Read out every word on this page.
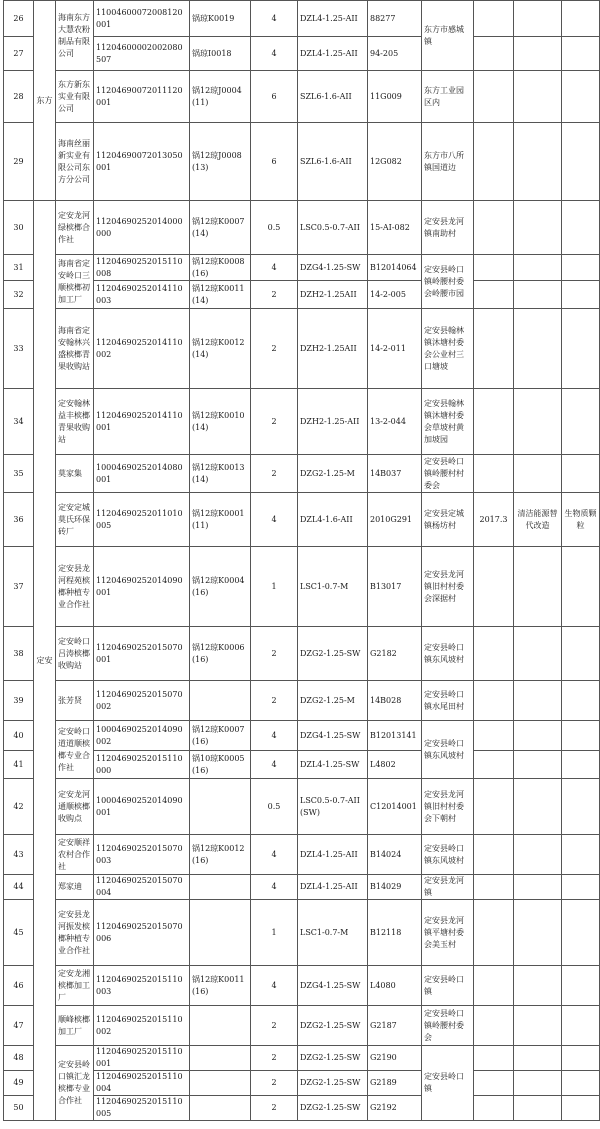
26	东方	海南东方大慧农粉制品有限公司	11004600072008120001	锅琼K0019	4	DZL4-1.25-AII	88277	东方市感城镇			
27			11204600002002080507	锅琼I0018	4	DZL4-1.25-AII	94-205				
28		东方新东实业有限公司	11204690072011120001	锅12琼J0004(11)	6	SZL6-1.6-AII	11G009	东方工业园区内			
29		海南丝丽新实业有限公司东方分公司	11204690072013050001	锅12琼J0008(13)	6	SZL6-1.6-AII	12G082	东方市八所镇国道边			
30	定安	定安龙河绿槟榔合作社	11204690252014000000	锅12琼K0007(14)	0.5	LSC0.5-0.7-AII	15-AI-082	定安县龙河镇南助村			
31		海南省定安岭口三顺槟榔初加工厂	11204690252015110008	锅12琼K0008(16)	4	DZG4-1.25-SW	B12014064	定安县岭口镇岭腰村委会岭腰市园			
32			11204690252014110003	锅12琼K0011(14)	2	DZH2-1.25AII	14-2-005				
33		海南省定安翰林兴盛槟榔青果收购站	11204690252014110002	锅12琼K0012(14)	2	DZH2-1.25AII	14-2-011	定安县翰林镇沐塘村委会公业村三口塘坡			
34		定安翰林益丰槟榔青果收购站	11204690252014110001	锅12琼K0010(14)	2	DZH2-1.25-AII	13-2-044	定安县翰林镇沐塘村委会草坡村黄加坡园			
35		莫家集	10004690252014080001	锅12琼K0013(14)	2	DZG2-1.25-M	14B037	定安县岭口镇岭腰村村委会			
36		定安定城莫氏环保砖厂	11204690252011010005	锅12琼K0001(11)	4	DZL4-1.6-AII	2010G291	定安县定城镇杨坊村	2017.3	清洁能源替代改造	生物质颗粒
37		定安县龙河程苑槟榔种植专业合作社	11204690252014090001	锅12琼K0004(16)	1	LSC1-0.7-M	B13017	定安县龙河镇旧村村委会深据村			
38		定安岭口吕涛槟榔收购站	11204690252015070001	锅12琼K0006(16)	2	DZG2-1.25-SW	G2182	定安县岭口镇东风坡村			
39		张芳贤	11204690252015070002		2	DZG2-1.25-M	14B028	定安县岭口镇水尾田村			
40		定安岭口道道顺槟榔专业合作社	10004690252014090002	锅12琼K0007(16)	4	DZG4-1.25-SW	B12013141	定安县岭口镇东风坡村			
41			11204690252015110000	锅10琼K0005(16)	4	DZL4-1.25-SW	L4802				
42		定安龙河通顺槟榔收购点	10004690252014090001		0.5	LSC0.5-0.7-AII (SW)	C12014001	定安县龙河镇旧村村委会下朝村			
43		定安顺祥农村合作社	11204690252015070003	锅12琼K0012(16)	4	DZL4-1.25-AII	B14024	定安县岭口镇东风坡村			
44		郑家迪	11204690252015070004		4	DZL4-1.25-AII	B14029	定安县龙河镇			
45		定安县龙河振发槟榔种植专业合作社	11204690252015070006		1	LSC1-0.7-M	B12118	定安县龙河镇平塘村委会美玉村			
46		定安龙湘槟榔加工厂	11204690252015110003	锅12琼K0011(16)	4	DZG4-1.25-SW	L4080	定安县岭口镇			
47		顺峰槟榔加工厂	11204690252015110002		2	DZG2-1.25-SW	G2187	定安县岭口镇岭腰村委会			
48		定安县岭口镇汇龙槟榔专业合作社	11204690252015110001		2	DZG2-1.25-SW	G2190	定安县岭口镇			
49			11204690252015110004		2	DZG2-1.25-SW	G2189				
50			11204690252015110005		2	DZG2-1.25-SW	G2192				
